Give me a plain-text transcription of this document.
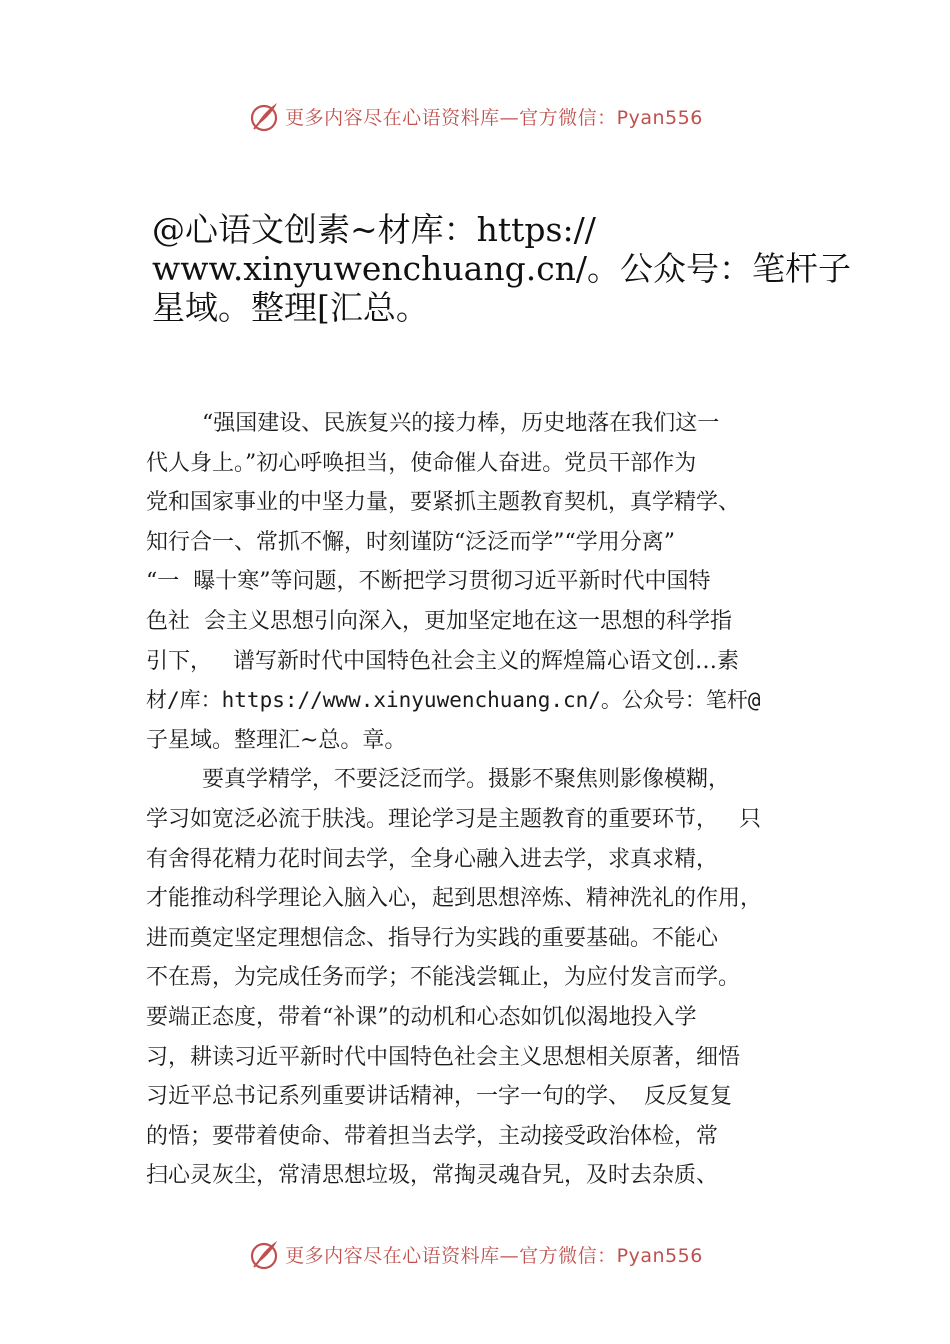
更多内容尽在心语资料库—官方微信：Pyan556
@心语文创素~材库：https://
www.xinyuwenchuang.cn/。公众号：笔杆子
星域。整理[汇总。
“强国建设、民族复兴的接力棒，历史地落在我们这一
代人身上。”初心呼唤担当，使命催人奋进。党员干部作为
党和国家事业的中坚力量，要紧抓主题教育契机，真学精学、
知行合一、常抓不懈，时刻谨防“泛泛而学”“学用分离”
“一  曝十寒”等问题，不断把学习贯彻习近平新时代中国特
色社  会主义思想引向深入，更加坚定地在这一思想的科学指
引下，   谱写新时代中国特色社会主义的辉煌篇心语文创…素
材/库：https://www.xinyuwenchuang.cn/。公众号：笔杆@
子星域。整理汇~总。章。
要真学精学，不要泛泛而学。摄影不聚焦则影像模糊，
学习如宽泛必流于肤浅。理论学习是主题教育的重要环节，   只
有舍得花精力花时间去学，全身心融入进去学，求真求精，
才能推动科学理论入脑入心，起到思想淬炼、精神洗礼的作用，
进而奠定坚定理想信念、指导行为实践的重要基础。不能心
不在焉，为完成任务而学；不能浅尝辄止，为应付发言而学。
要端正态度，带着“补课”的动机和心态如饥似渴地投入学
习，耕读习近平新时代中国特色社会主义思想相关原著，细悟
习近平总书记系列重要讲话精神，一字一句的学、  反反复复
的悟；要带着使命、带着担当去学，主动接受政治体检，常
扫心灵灰尘，常清思想垃圾，常掏灵魂旮旯，及时去杂质、
更多内容尽在心语资料库—官方微信：Pyan556
